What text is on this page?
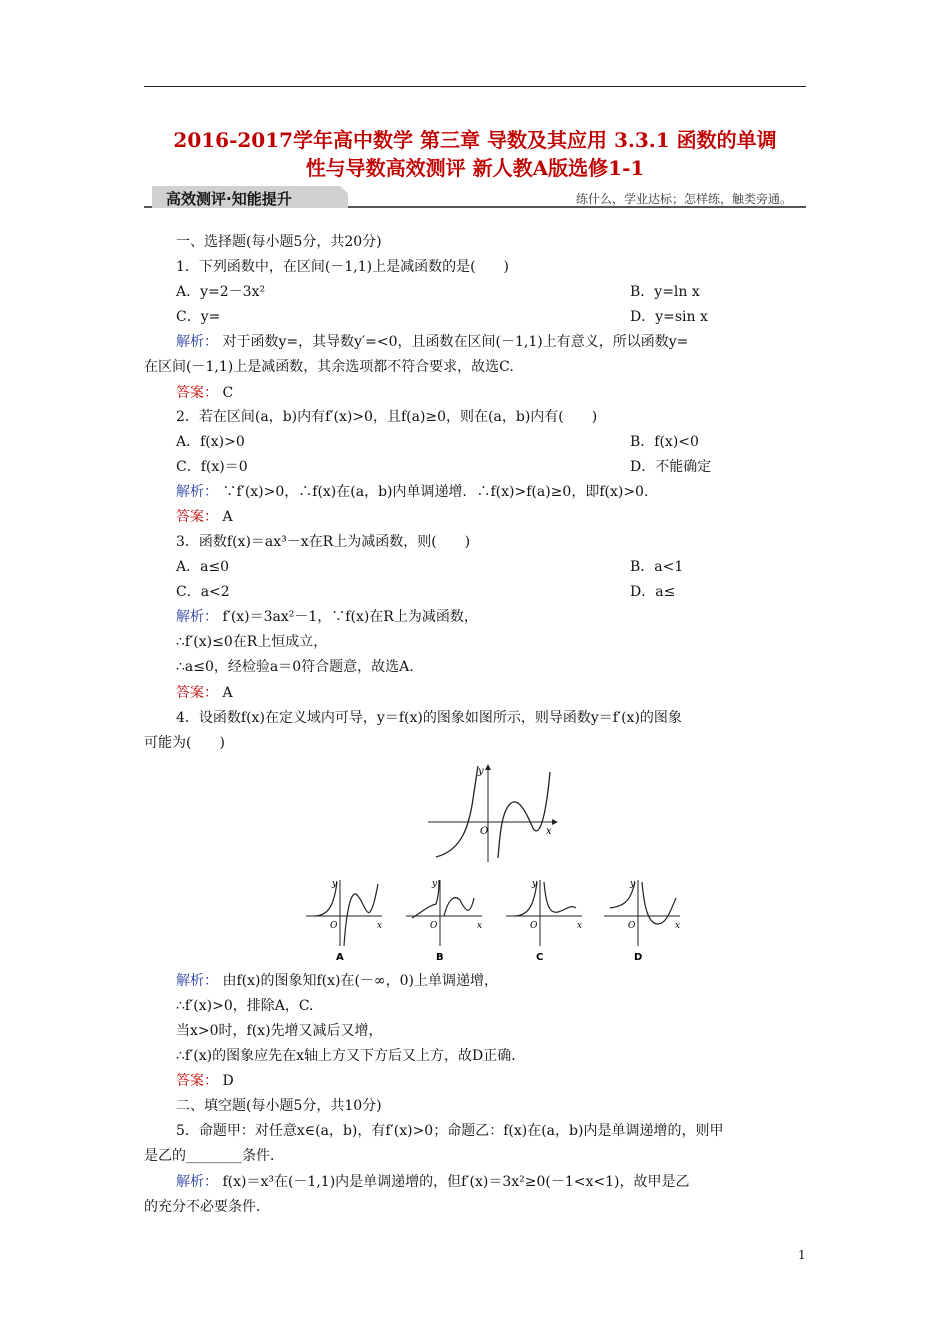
2016-2017学年高中数学 第三章 导数及其应用 3.3.1 函数的单调
性与导数高效测评 新人教A版选修1-1
高效测评·知能提升	练什么，学业达标；怎样练，触类旁通。
一、选择题(每小题5分，共20分)
1．下列函数中，在区间(－1,1)上是减函数的是(　　)
A．y=2－3x²	B．y=ln x
C．y=	D．y=sin x
解析： 对于函数y=，其导数y′=<0，且函数在区间(－1,1)上有意义，所以函数y=
在区间(－1,1)上是减函数，其余选项都不符合要求，故选C.
答案： C
2．若在区间(a，b)内有f′(x)>0，且f(a)≥0，则在(a，b)内有(　　)
A．f(x)>0	B．f(x)<0
C．f(x)＝0	D．不能确定
解析： ∵f′(x)>0，∴f(x)在(a，b)内单调递增．∴f(x)>f(a)≥0，即f(x)>0.
答案： A
3．函数f(x)＝ax³－x在R上为减函数，则(　　)
A．a≤0	B．a<1
C．a<2	D．a≤
解析： f′(x)＝3ax²－1，∵f(x)在R上为减函数，
∴f′(x)≤0在R上恒成立，
∴a≤0，经检验a＝0符合题意，故选A.
答案： A
4．设函数f(x)在定义域内可导，y＝f(x)的图象如图所示，则导函数y＝f′(x)的图象
可能为(　　)
O	x
y
O	x
y
A
O	x
y
B
O	x
y
C
O	x
y
D
解析： 由f(x)的图象知f(x)在(－∞，0)上单调递增，
∴f′(x)>0，排除A，C.
当x>0时，f(x)先增又减后又增，
∴f′(x)的图象应先在x轴上方又下方后又上方，故D正确．
答案： D
二、填空题(每小题5分，共10分)
5．命题甲：对任意x∈(a，b)，有f′(x)>0；命题乙：f(x)在(a，b)内是单调递增的，则甲
是乙的________条件．
解析： f(x)＝x³在(－1,1)内是单调递增的，但f′(x)＝3x²≥0(－1<x<1)，故甲是乙
的充分不必要条件．
1
